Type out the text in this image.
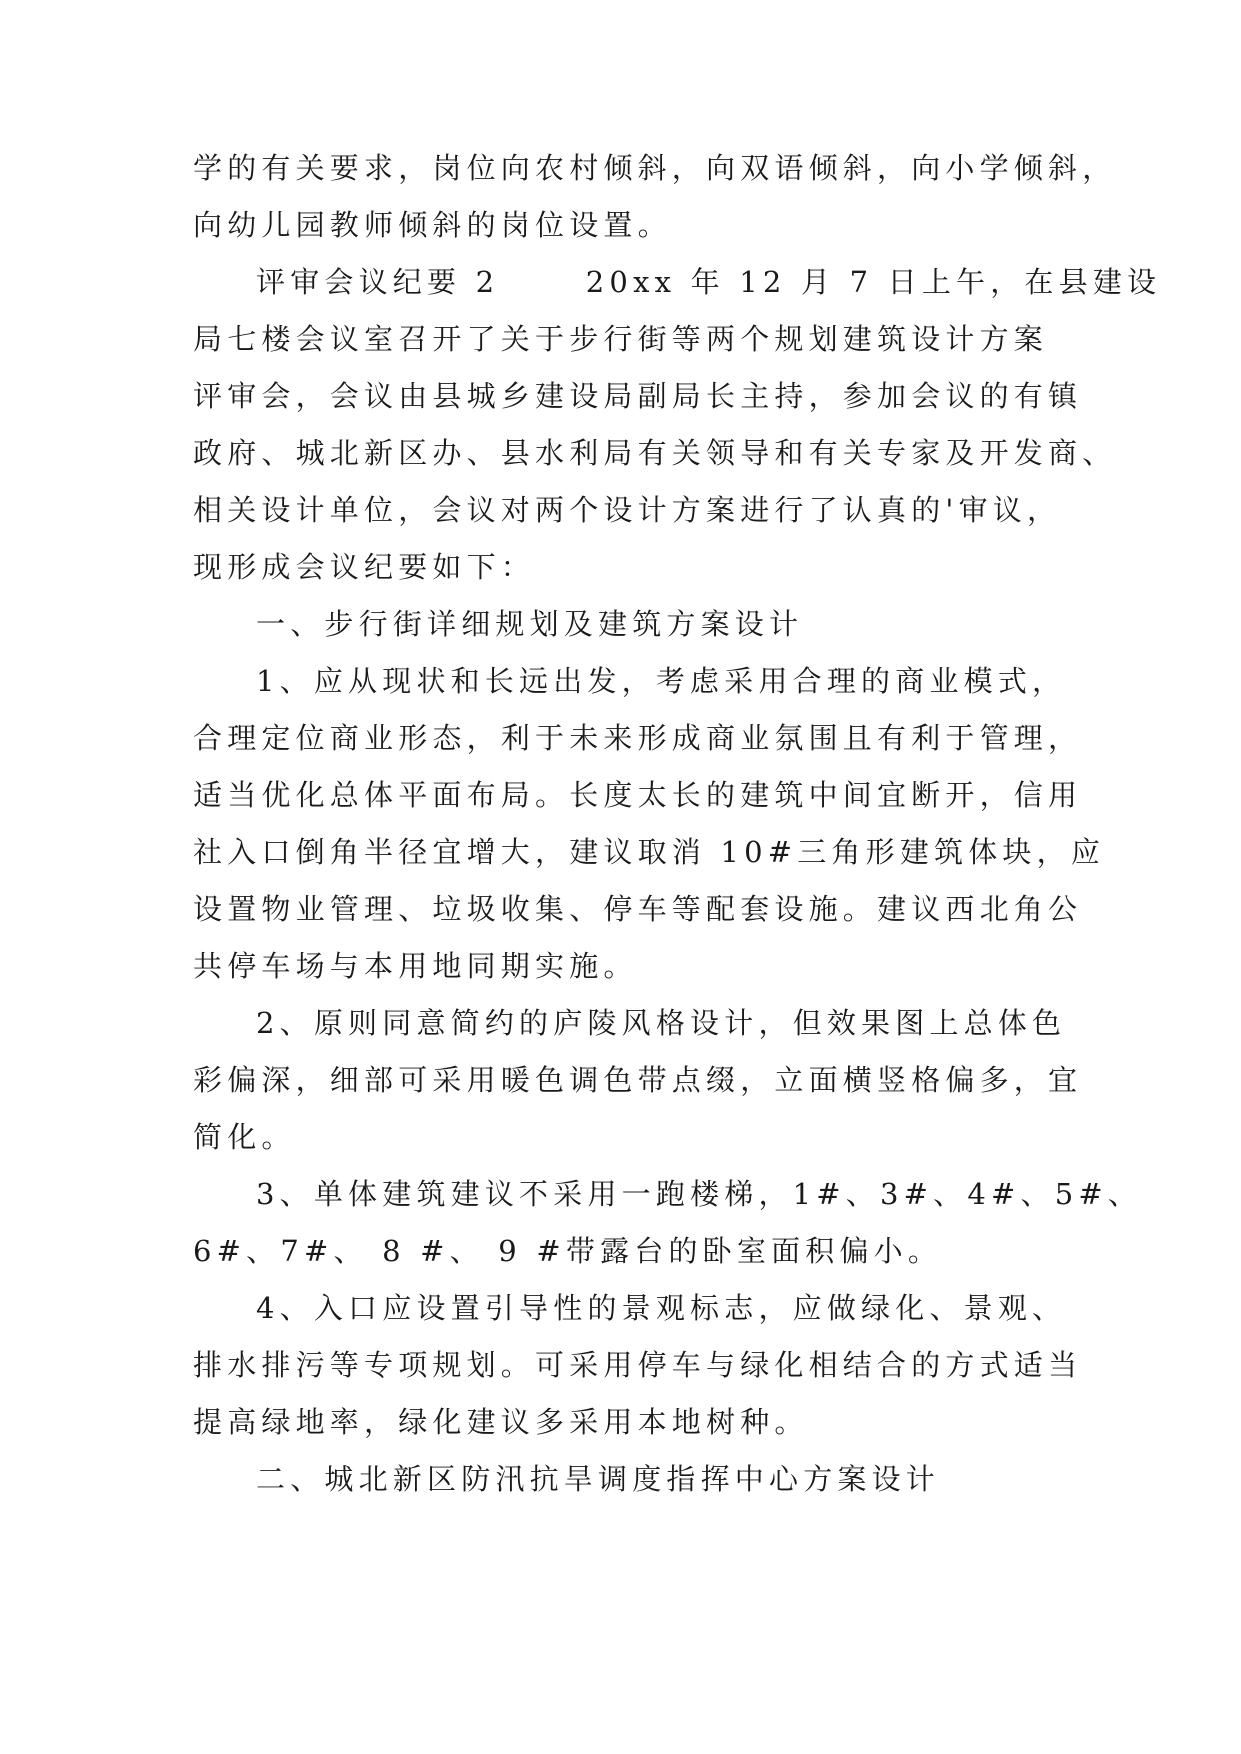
学的有关要求，岗位向农村倾斜，向双语倾斜，向小学倾斜，
向幼儿园教师倾斜的岗位设置。
评审会议纪要 2      20xx 年 12 月 7 日上午，在县建设
局七楼会议室召开了关于步行街等两个规划建筑设计方案
评审会，会议由县城乡建设局副局长主持，参加会议的有镇
政府、城北新区办、县水利局有关领导和有关专家及开发商、
相关设计单位，会议对两个设计方案进行了认真的'审议，
现形成会议纪要如下：
一、步行街详细规划及建筑方案设计
1、应从现状和长远出发，考虑采用合理的商业模式，
合理定位商业形态，利于未来形成商业氛围且有利于管理，
适当优化总体平面布局。长度太长的建筑中间宜断开，信用
社入口倒角半径宜增大，建议取消 10#三角形建筑体块，应
设置物业管理、垃圾收集、停车等配套设施。建议西北角公
共停车场与本用地同期实施。
2、原则同意简约的庐陵风格设计，但效果图上总体色
彩偏深，细部可采用暖色调色带点缀，立面横竖格偏多，宜
简化。
3、单体建筑建议不采用一跑楼梯，1#、3#、4#、5#、
6#、7#、 8 #、 9 #带露台的卧室面积偏小。
4、入口应设置引导性的景观标志，应做绿化、景观、
排水排污等专项规划。可采用停车与绿化相结合的方式适当
提高绿地率，绿化建议多采用本地树种。
二、城北新区防汛抗旱调度指挥中心方案设计
